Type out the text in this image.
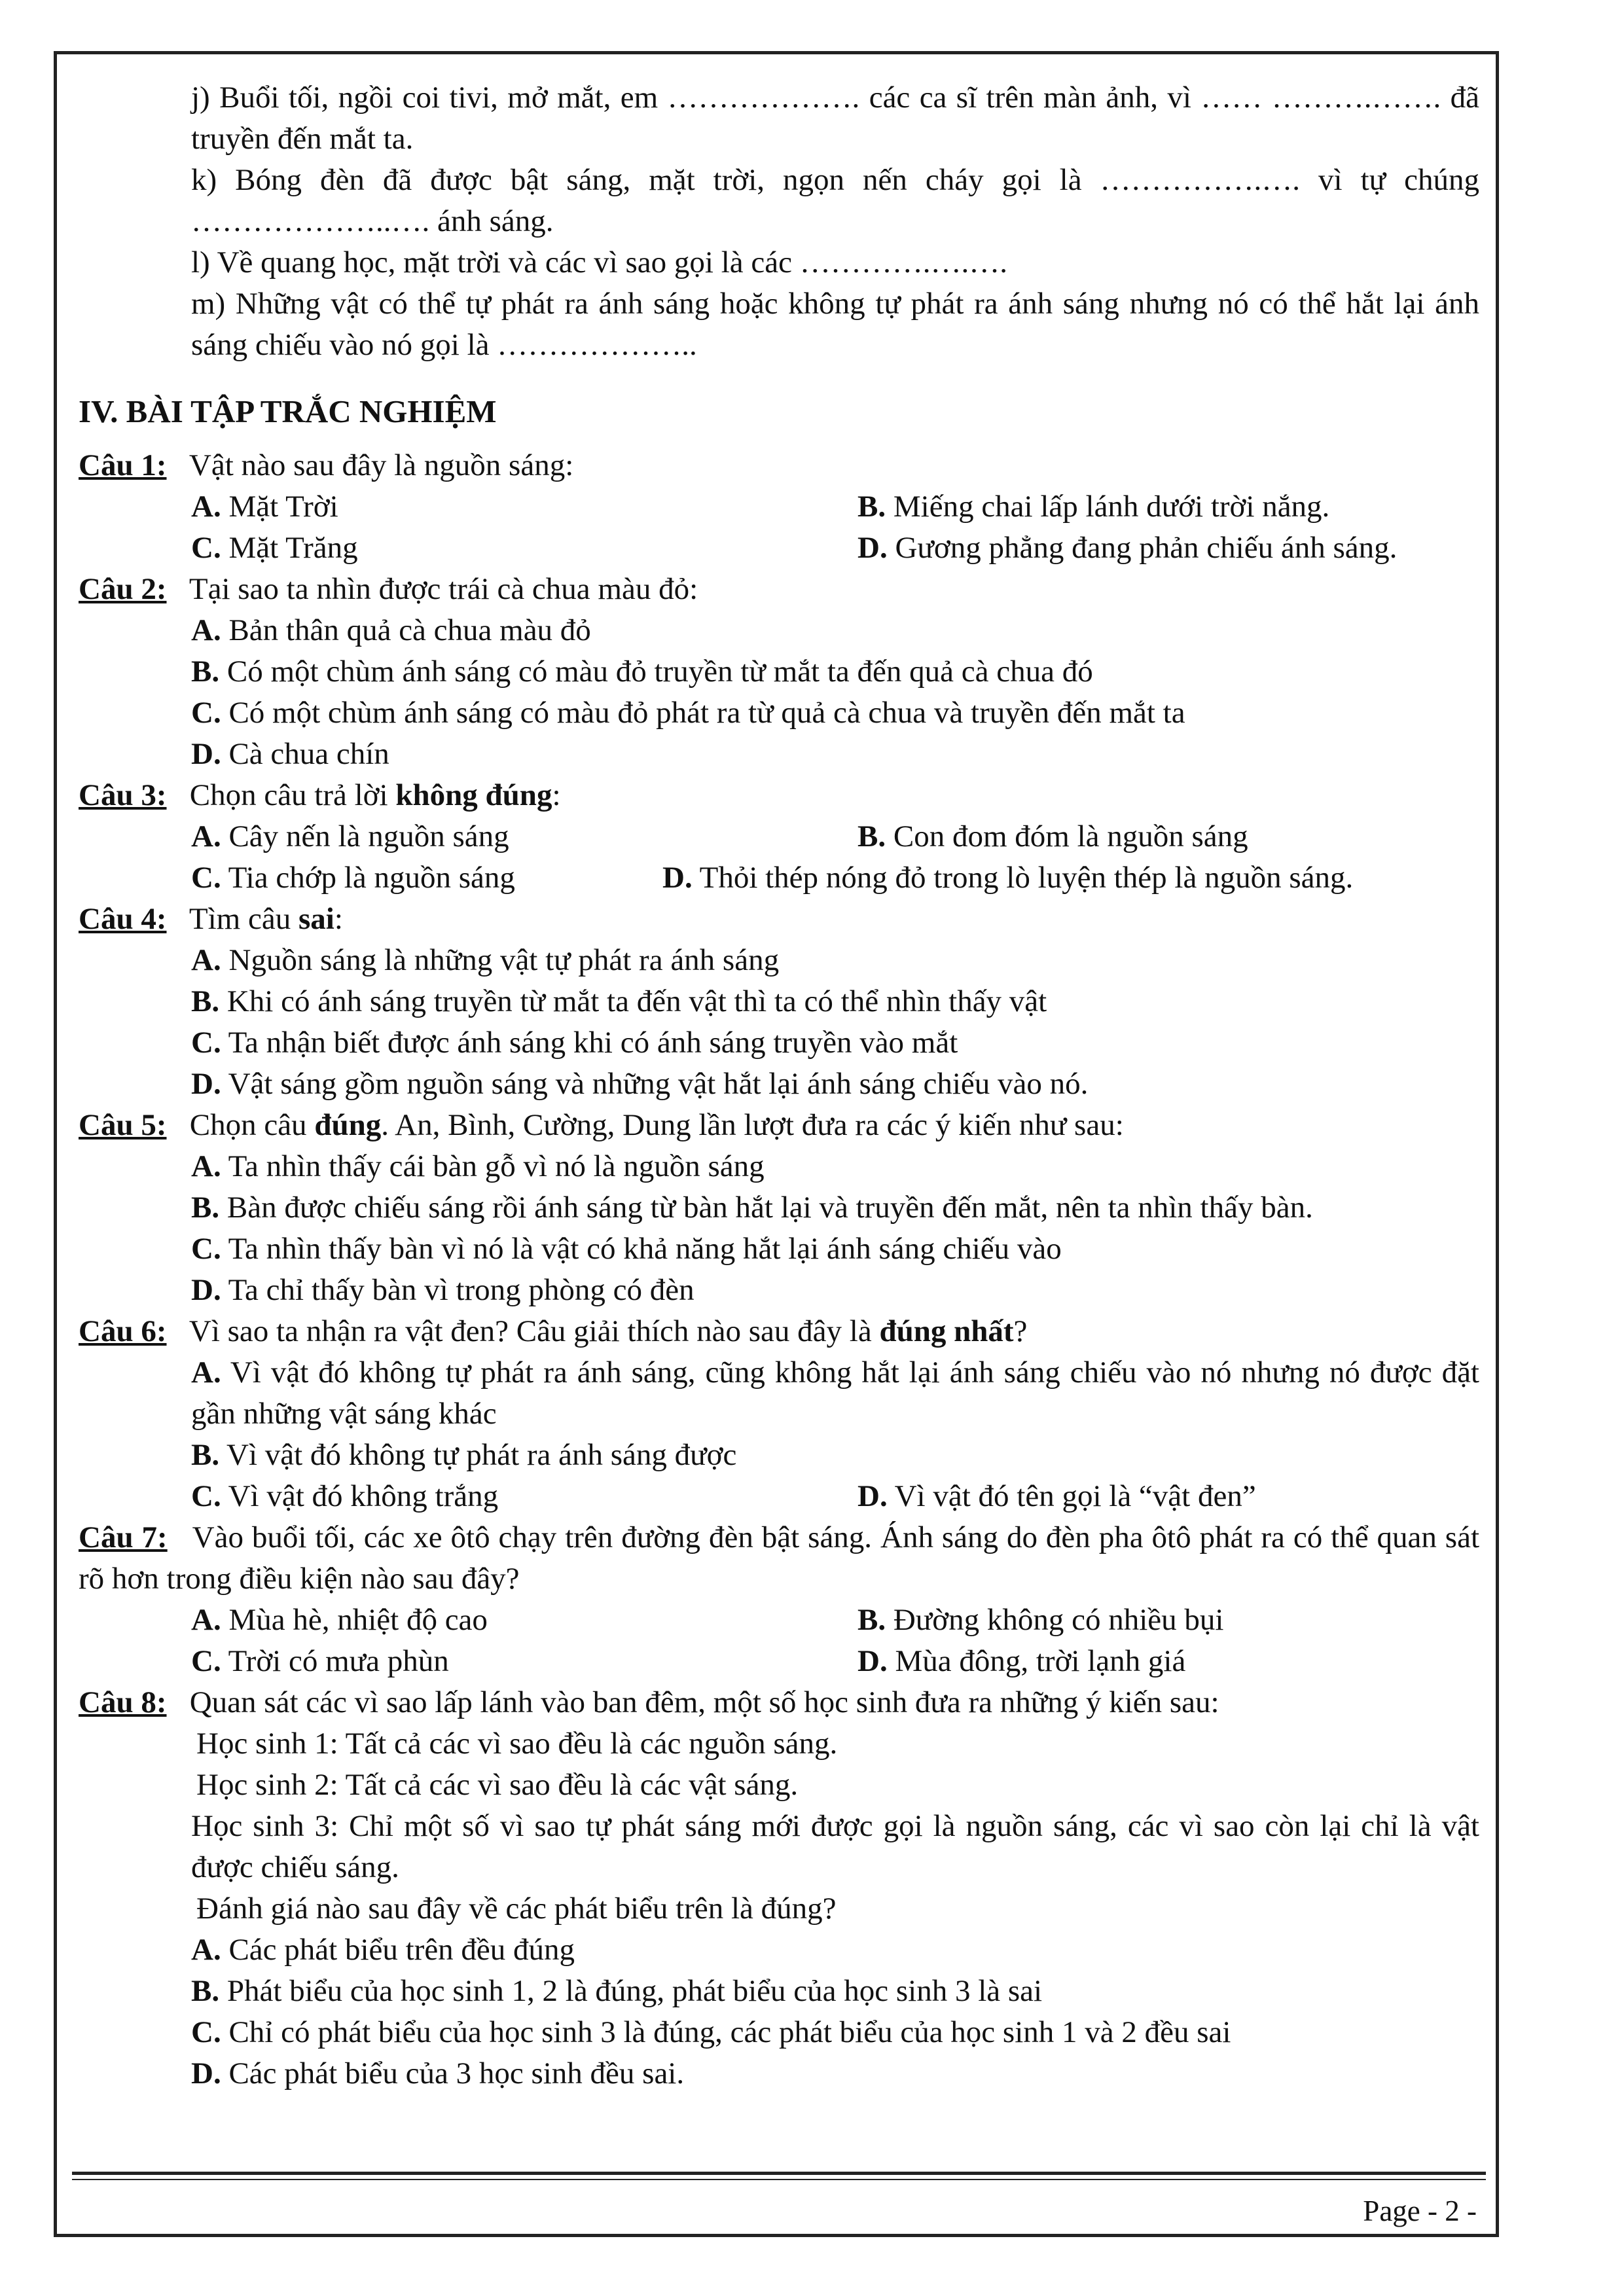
j) Buổi tối, ngồi coi tivi, mở mắt, em ………………. các ca sĩ trên màn ảnh, vì …… ……….……. đã truyền đến mắt ta.
k) Bóng đèn đã được bật sáng, mặt trời, ngọn nến cháy gọi là …………….…. vì tự chúng ………………..…. ánh sáng.
l) Về quang học, mặt trời và các vì sao gọi là các ………….….….
m) Những vật có thể tự phát ra ánh sáng hoặc không tự phát ra ánh sáng nhưng nó có thể hắt lại ánh sáng chiếu vào nó gọi là ………………..
IV. BÀI TẬP TRẮC NGHIỆM
Câu 1: Vật nào sau đây là nguồn sáng:
A. Mặt Trời	B. Miếng chai lấp lánh dưới trời nắng.
C. Mặt Trăng	D. Gương phẳng đang phản chiếu ánh sáng.
Câu 2: Tại sao ta nhìn được trái cà chua màu đỏ:
A. Bản thân quả cà chua màu đỏ
B. Có một chùm ánh sáng có màu đỏ truyền từ mắt ta đến quả cà chua đó
C. Có một chùm ánh sáng có màu đỏ phát ra từ quả cà chua và truyền đến mắt ta
D. Cà chua chín
Câu 3: Chọn câu trả lời không đúng:
A. Cây nến là nguồn sáng	B. Con đom đóm là nguồn sáng
C. Tia chớp là nguồn sáng	D. Thỏi thép nóng đỏ trong lò luyện thép là nguồn sáng.
Câu 4: Tìm câu sai:
A. Nguồn sáng là những vật tự phát ra ánh sáng
B. Khi có ánh sáng truyền từ mắt ta đến vật thì ta có thể nhìn thấy vật
C. Ta nhận biết được ánh sáng khi có ánh sáng truyền vào mắt
D. Vật sáng gồm nguồn sáng và những vật hắt lại ánh sáng chiếu vào nó.
Câu 5: Chọn câu đúng. An, Bình, Cường, Dung lần lượt đưa ra các ý kiến như sau:
A. Ta nhìn thấy cái bàn gỗ vì nó là nguồn sáng
B. Bàn được chiếu sáng rồi ánh sáng từ bàn hắt lại và truyền đến mắt, nên ta nhìn thấy bàn.
C. Ta nhìn thấy bàn vì nó là vật có khả năng hắt lại ánh sáng chiếu vào
D. Ta chỉ thấy bàn vì trong phòng có đèn
Câu 6: Vì sao ta nhận ra vật đen? Câu giải thích nào sau đây là đúng nhất?
A. Vì vật đó không tự phát ra ánh sáng, cũng không hắt lại ánh sáng chiếu vào nó nhưng nó được đặt gần những vật sáng khác
B. Vì vật đó không tự phát ra ánh sáng được
C. Vì vật đó không trắng	D. Vì vật đó tên gọi là “vật đen”
Câu 7: Vào buổi tối, các xe ôtô chạy trên đường đèn bật sáng. Ánh sáng do đèn pha ôtô phát ra có thể quan sát rõ hơn trong điều kiện nào sau đây?
A. Mùa hè, nhiệt độ cao	B. Đường không có nhiều bụi
C. Trời có mưa phùn	D. Mùa đông, trời lạnh giá
Câu 8: Quan sát các vì sao lấp lánh vào ban đêm, một số học sinh đưa ra những ý kiến sau:
Học sinh 1: Tất cả các vì sao đều là các nguồn sáng.
Học sinh 2: Tất cả các vì sao đều là các vật sáng.
Học sinh 3: Chỉ một số vì sao tự phát sáng mới được gọi là nguồn sáng, các vì sao còn lại chỉ là vật được chiếu sáng.
Đánh giá nào sau đây về các phát biểu trên là đúng?
A. Các phát biểu trên đều đúng
B. Phát biểu của học sinh 1, 2 là đúng, phát biểu của học sinh 3 là sai
C. Chỉ có phát biểu của học sinh 3 là đúng, các phát biểu của học sinh 1 và 2 đều sai
D. Các phát biểu của 3 học sinh đều sai.
Page - 2 -
